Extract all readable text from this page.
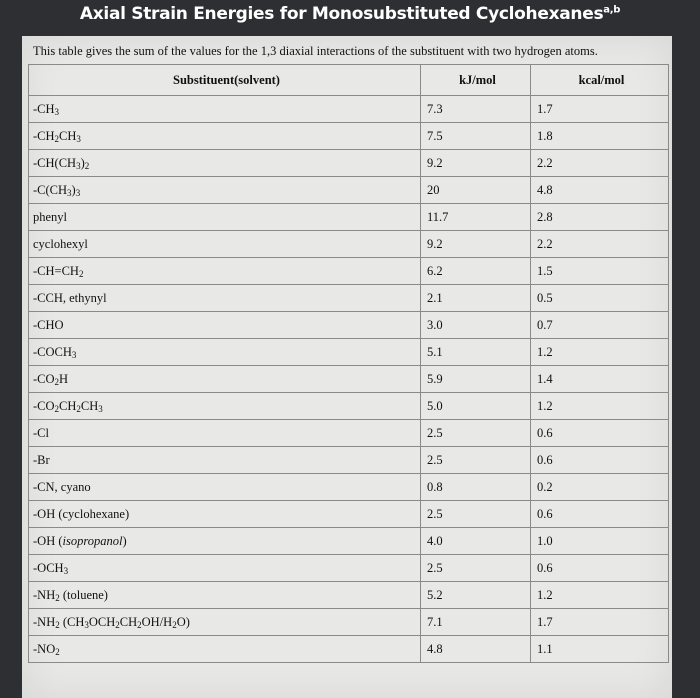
Axial Strain Energies for Monosubstituted Cyclohexanes$^{a,b}$
This table gives the sum of the values for the 1,3 diaxial interactions of the substituent with two hydrogen atoms.
Substituent(solvent)	kJ/mol	kcal/mol
$-CH_3$	7.3	1.7
$-CH_2CH_3$	7.5	1.8
$-CH(CH_3)_2$	9.2	2.2
$-C(CH_3)_3$	20	4.8
phenyl	11.7	2.8
cyclohexyl	9.2	2.2
$-CH=CH_2$	6.2	1.5
-CCH, ethynyl	2.1	0.5
-CHO	3.0	0.7
$-COCH_3$	5.1	1.2
$-CO_2H$	5.9	1.4
$-CO_2CH_2CH_3$	5.0	1.2
-Cl	2.5	0.6
-Br	2.5	0.6
-CN, cyano	0.8	0.2
-OH (cyclohexane)	2.5	0.6
-OH (isopropanol)	4.0	1.0
$-OCH_3$	2.5	0.6
$-NH_2$ (toluene)	5.2	1.2
$-NH_2$ $(CH_3OCH_2CH_2OH/H_2O)$	7.1	1.7
$-NO_2$	4.8	1.1
